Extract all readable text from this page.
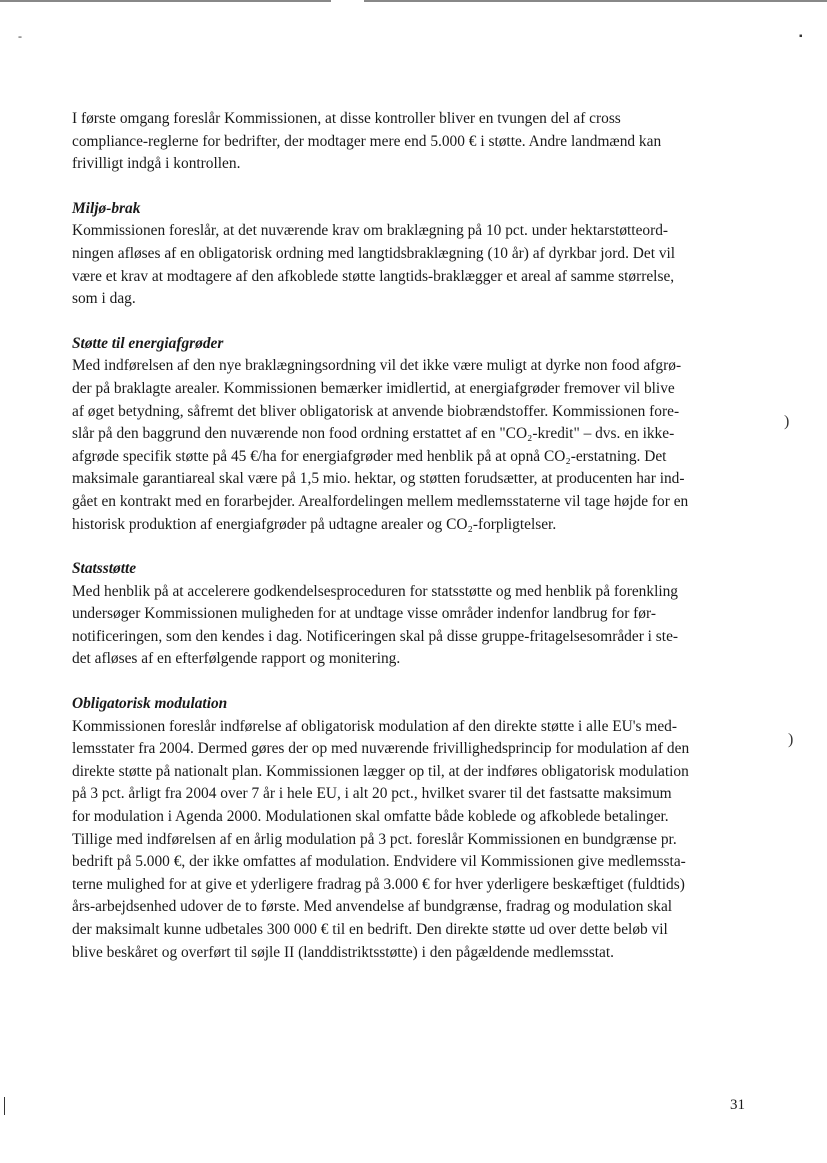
I første omgang foreslår Kommissionen, at disse kontroller bliver en tvungen del af cross
compliance-reglerne for bedrifter, der modtager mere end 5.000 € i støtte. Andre landmænd kan
frivilligt indgå i kontrollen.

Miljø-brak

Kommissionen foreslår, at det nuværende krav om braklægning på 10 pct. under hektarstøtteord-
ningen afløses af en obligatorisk ordning med langtidsbraklægning (10 år) af dyrkbar jord. Det vil
være et krav at modtagere af den afkoblede støtte langtids-braklægger et areal af samme størrelse,
som i dag.

Støtte til energiafgrøder

Med indførelsen af den nye braklægningsordning vil det ikke være muligt at dyrke non food afgrø-
der på braklagte arealer. Kommissionen bemærker imidlertid, at energiafgrøder fremover vil blive
af øget betydning, såfremt det bliver obligatorisk at anvende biobrændstoffer. Kommissionen fore-
slår på den baggrund den nuværende non food ordning erstattet af en "CO₂-kredit" – dvs. en ikke-
afgrøde specifik støtte på 45 €/ha for energiafgrøder med henblik på at opnå CO₂-erstatning. Det
maksimale garantiareal skal være på 1,5 mio. hektar, og støtten forudsætter, at producenten har ind-
gået en kontrakt med en forarbejder. Arealfordelingen mellem medlemsstaterne vil tage højde for en
historisk produktion af energiafgrøder på udtagne arealer og CO₂-forpligtelser.

Statsstøtte

Med henblik på at accelerere godkendelsesproceduren for statsstøtte og med henblik på forenkling
undersøger Kommissionen muligheden for at undtage visse områder indenfor landbrug for før-
notificeringen, som den kendes i dag. Notificeringen skal på disse gruppe-fritagelsesområder i ste-
det afløses af en efterfølgende rapport og monitering.

Obligatorisk modulation

Kommissionen foreslår indførelse af obligatorisk modulation af den direkte støtte i alle EU's med-
lemsstater fra 2004. Dermed gøres der op med nuværende frivillighedsprincip for modulation af den
direkte støtte på nationalt plan. Kommissionen lægger op til, at der indføres obligatorisk modulation
på 3 pct. årligt fra 2004 over 7 år i hele EU, i alt 20 pct., hvilket svarer til det fastsatte maksimum
for modulation i Agenda 2000. Modulationen skal omfatte både koblede og afkoblede betalinger.

Tillige med indførelsen af en årlig modulation på 3 pct. foreslår Kommissionen en bundgrænse pr.
bedrift på 5.000 €, der ikke omfattes af modulation. Endvidere vil Kommissionen give medlemssta-
terne mulighed for at give et yderligere fradrag på 3.000 € for hver yderligere beskæftiget (fuldtids)
års-arbejdsenhed udover de to første. Med anvendelse af bundgrænse, fradrag og modulation skal
der maksimalt kunne udbetales 300 000 € til en bedrift. Den direkte støtte ud over dette beløb vil
blive beskåret og overført til søjle II (landdistriktsstøtte) i den pågældende medlemsstat.

31
-	▪
)
)
